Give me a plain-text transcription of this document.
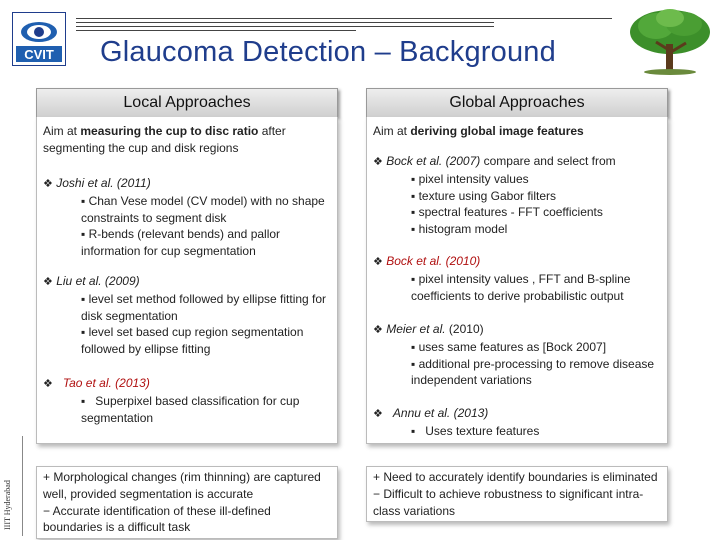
CVIT Glaucoma Detection – Background
IIIT Hyderabad
Local Approaches
Aim at measuring the cup to disc ratio after segmenting the cup and disk regions
❖ Joshi et al. (2011)
▪ Chan Vese model (CV model) with no shape constraints to segment disk
▪ R-bends (relevant bends) and pallor information for cup segmentation
❖ Liu et al. (2009)
▪ level set method followed by ellipse fitting for disk segmentation
▪ level set based cup region segmentation followed by ellipse fitting
❖ Tao et al. (2013)
▪   Superpixel based classification for cup segmentation
+ Morphological changes (rim thinning) are captured well, provided segmentation is accurate
− Accurate identification of these ill-defined boundaries is a difficult task
Global Approaches
Aim at deriving global image features
❖ Bock et al. (2007) compare and select from
▪ pixel intensity values
▪ texture using Gabor filters
▪ spectral features - FFT coefficients
▪ histogram model
❖ Bock et al. (2010)
▪ pixel intensity values , FFT and B-spline coefficients to derive probabilistic output
❖ Meier et al. (2010)
▪ uses same features as [Bock 2007]
▪ additional pre-processing to remove disease independent variations
❖ Annu et al. (2013)
▪   Uses texture features
+ Need to accurately identify boundaries is eliminated
− Difficult to achieve robustness to significant intra-class variations
